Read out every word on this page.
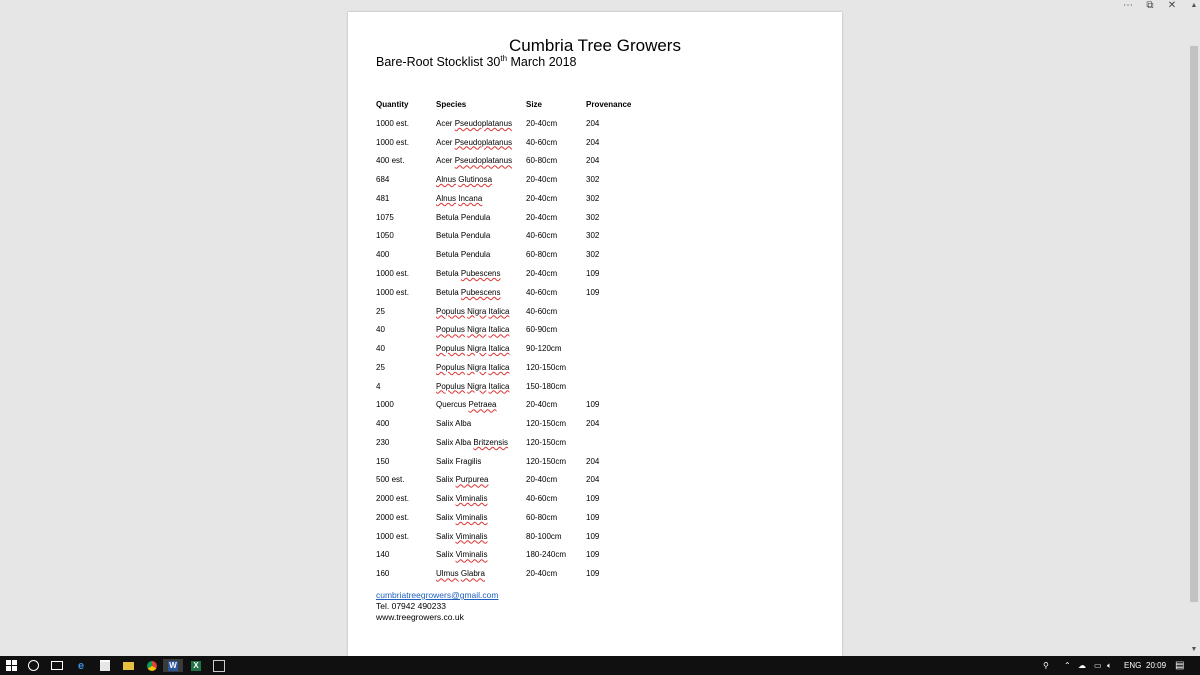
⋯ ⧉ ✕	▲
▼
Cumbria Tree Growers
Bare-Root Stocklist 30th March 2018
Quantity	Species	Size	Provenance

1000 est.	Acer Pseudoplatanus	20-40cm	204
1000 est.	Acer Pseudoplatanus	40-60cm	204
400 est.	Acer Pseudoplatanus	60-80cm	204
684	Alnus Glutinosa	20-40cm	302
481	Alnus Incana	20-40cm	302
1075	Betula Pendula	20-40cm	302
1050	Betula Pendula	40-60cm	302
400	Betula Pendula	60-80cm	302
1000 est.	Betula Pubescens	20-40cm	109
1000 est.	Betula Pubescens	40-60cm	109
25	Populus Nigra Italica	40-60cm	
40	Populus Nigra Italica	60-90cm	
40	Populus Nigra Italica	90-120cm	
25	Populus Nigra Italica	120-150cm	
4	Populus Nigra Italica	150-180cm	
1000	Quercus Petraea	20-40cm	109
400	Salix Alba	120-150cm	204
230	Salix Alba Britzensis	120-150cm	
150	Salix Fragilis	120-150cm	204
500 est.	Salix Purpurea	20-40cm	204
2000 est.	Salix Viminalis	40-60cm	109
2000 est.	Salix Viminalis	60-80cm	109
1000 est.	Salix Viminalis	80-100cm	109
140	Salix Viminalis	180-240cm	109
160	Ulmus Glabra	20-40cm	109
cumbriatreegrowers@gmail.com
Tel. 07942 490233
www.treegrowers.co.uk
e	W X	⚲ ⌃ ☁ ▭ 🔈︎ ENG 20:09 ▤
